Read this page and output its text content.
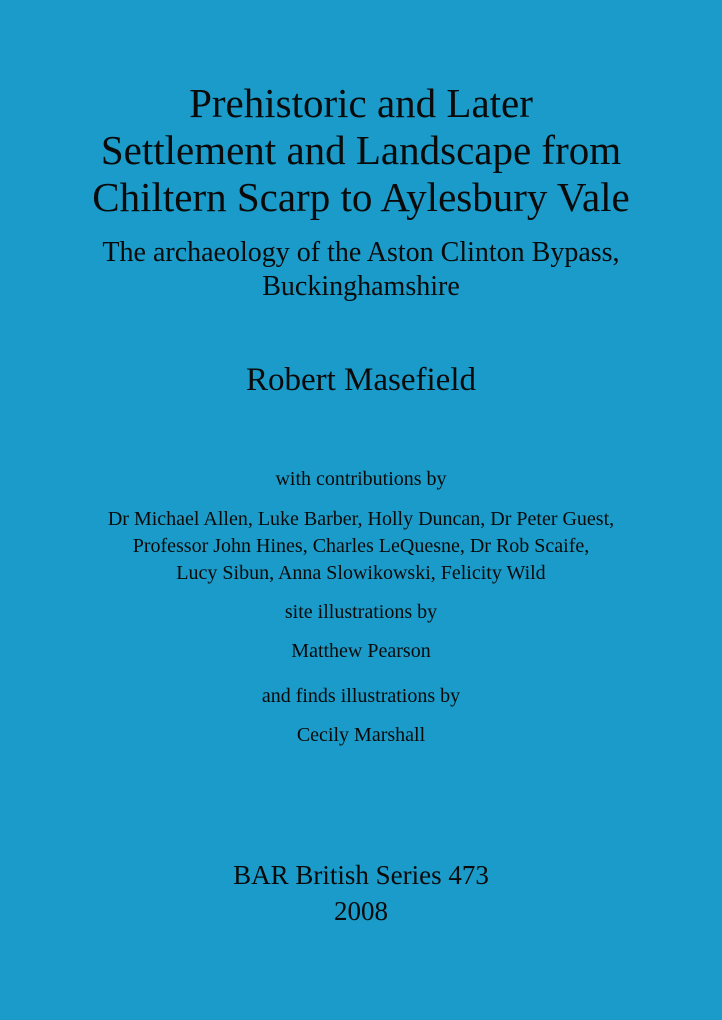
Prehistoric and Later
Settlement and Landscape from
Chiltern Scarp to Aylesbury Vale
The archaeology of the Aston Clinton Bypass,
Buckinghamshire
Robert Masefield
with contributions by
Dr Michael Allen, Luke Barber, Holly Duncan, Dr Peter Guest,
Professor John Hines, Charles LeQuesne, Dr Rob Scaife,
Lucy Sibun, Anna Slowikowski, Felicity Wild
site illustrations by
Matthew Pearson
and finds illustrations by
Cecily Marshall
BAR British Series 473
2008
